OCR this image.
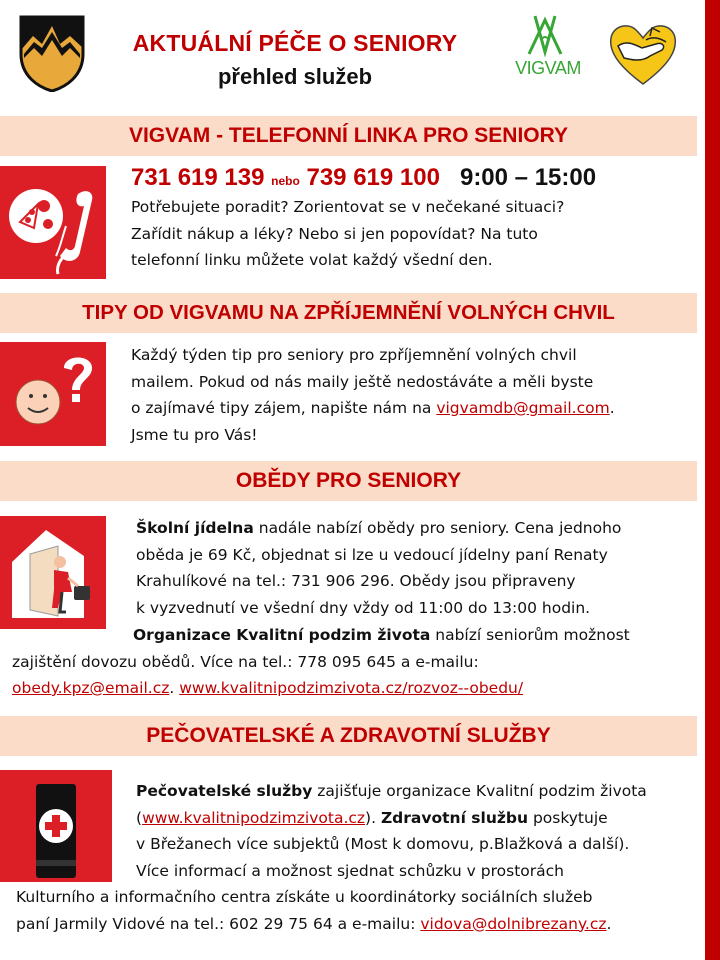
AKTUÁLNÍ PÉČE O SENIORY
přehled služeb	VIGVAM
VIGVAM - TELEFONNÍ LINKA PRO SENIORY
731 619 139 nebo 739 619 100 9:00 – 15:00
Potřebujete poradit? Zorientovat se v nečekané situaci?
Zařídit nákup a léky? Nebo si jen popovídat? Na tuto
telefonní linku můžete volat každý všední den.
TIPY OD VIGVAMU NA ZPŘÍJEMNĚNÍ VOLNÝCH CHVIL
Každý týden tip pro seniory pro zpříjemnění volných chvil
mailem. Pokud od nás maily ještě nedostáváte a měli byste
o zajímavé tipy zájem, napište nám na vigvamdb@gmail.com.
Jsme tu pro Vás!
OBĚDY PRO SENIORY
Školní jídelna nadále nabízí obědy pro seniory. Cena jednoho
oběda je 69 Kč, objednat si lze u vedoucí jídelny paní Renaty
Krahulíkové na tel.: 731 906 296. Obědy jsou připraveny
k vyzvednutí ve všední dny vždy od 11:00 do 13:00 hodin.
Organizace Kvalitní podzim života nabízí seniorům možnost
zajištění dovozu obědů. Více na tel.: 778 095 645 a e-mailu:
obedy.kpz@email.cz. www.kvalitnipodzimzivota.cz/rozvoz--obedu/
PEČOVATELSKÉ A ZDRAVOTNÍ SLUŽBY
Pečovatelské služby zajišťuje organizace Kvalitní podzim života
(www.kvalitnipodzimzivota.cz). Zdravotní službu poskytuje
v Břežanech více subjektů (Most k domovu, p.Blažková a další).
Více informací a možnost sjednat schůzku v prostorách
Kulturního a informačního centra získáte u koordinátorky sociálních služeb
paní Jarmily Vidové na tel.: 602 29 75 64 a e-mailu: vidova@dolnibrezany.cz.
